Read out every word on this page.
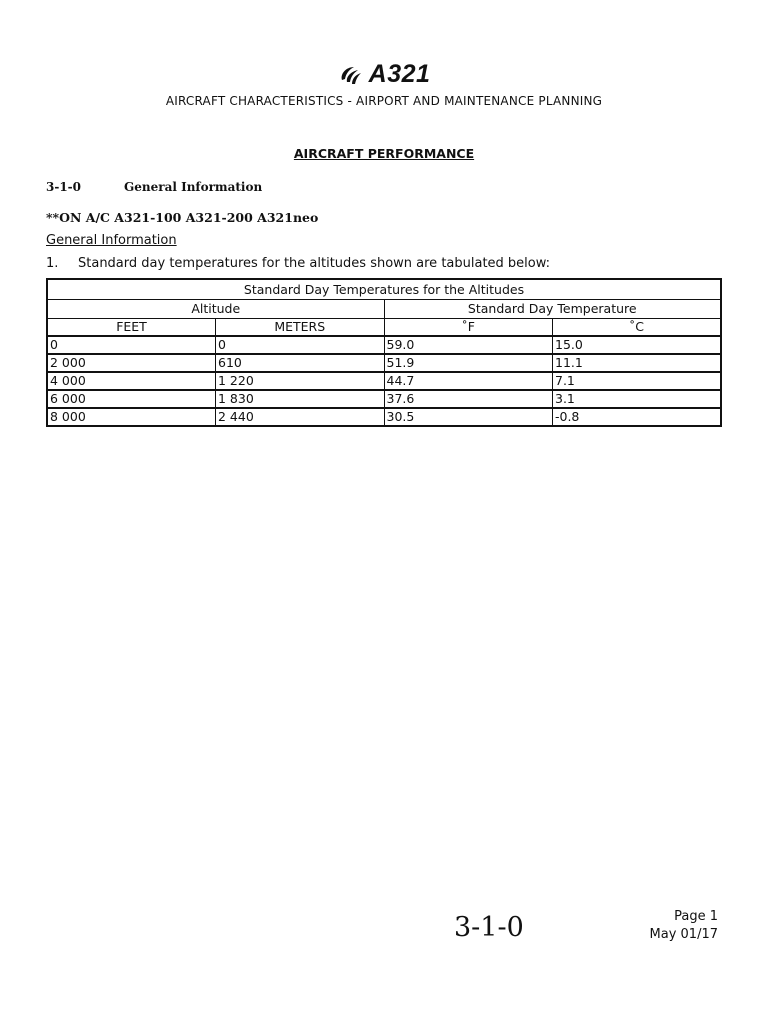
A321
AIRCRAFT CHARACTERISTICS - AIRPORT AND MAINTENANCE PLANNING
AIRCRAFT PERFORMANCE
3-1-0	General Information
**ON A/C A321-100 A321-200 A321neo
General Information
1. Standard day temperatures for the altitudes shown are tabulated below:
Standard Day Temperatures for the Altitudes			
Altitude		Standard Day Temperature	
FEET	METERS	˚F	˚C
0	0	59.0	15.0
2 000	610	51.9	11.1
4 000	1 220	44.7	7.1
6 000	1 830	37.6	3.1
8 000	2 440	30.5	-0.8
3-1-0	Page 1
May 01/17
